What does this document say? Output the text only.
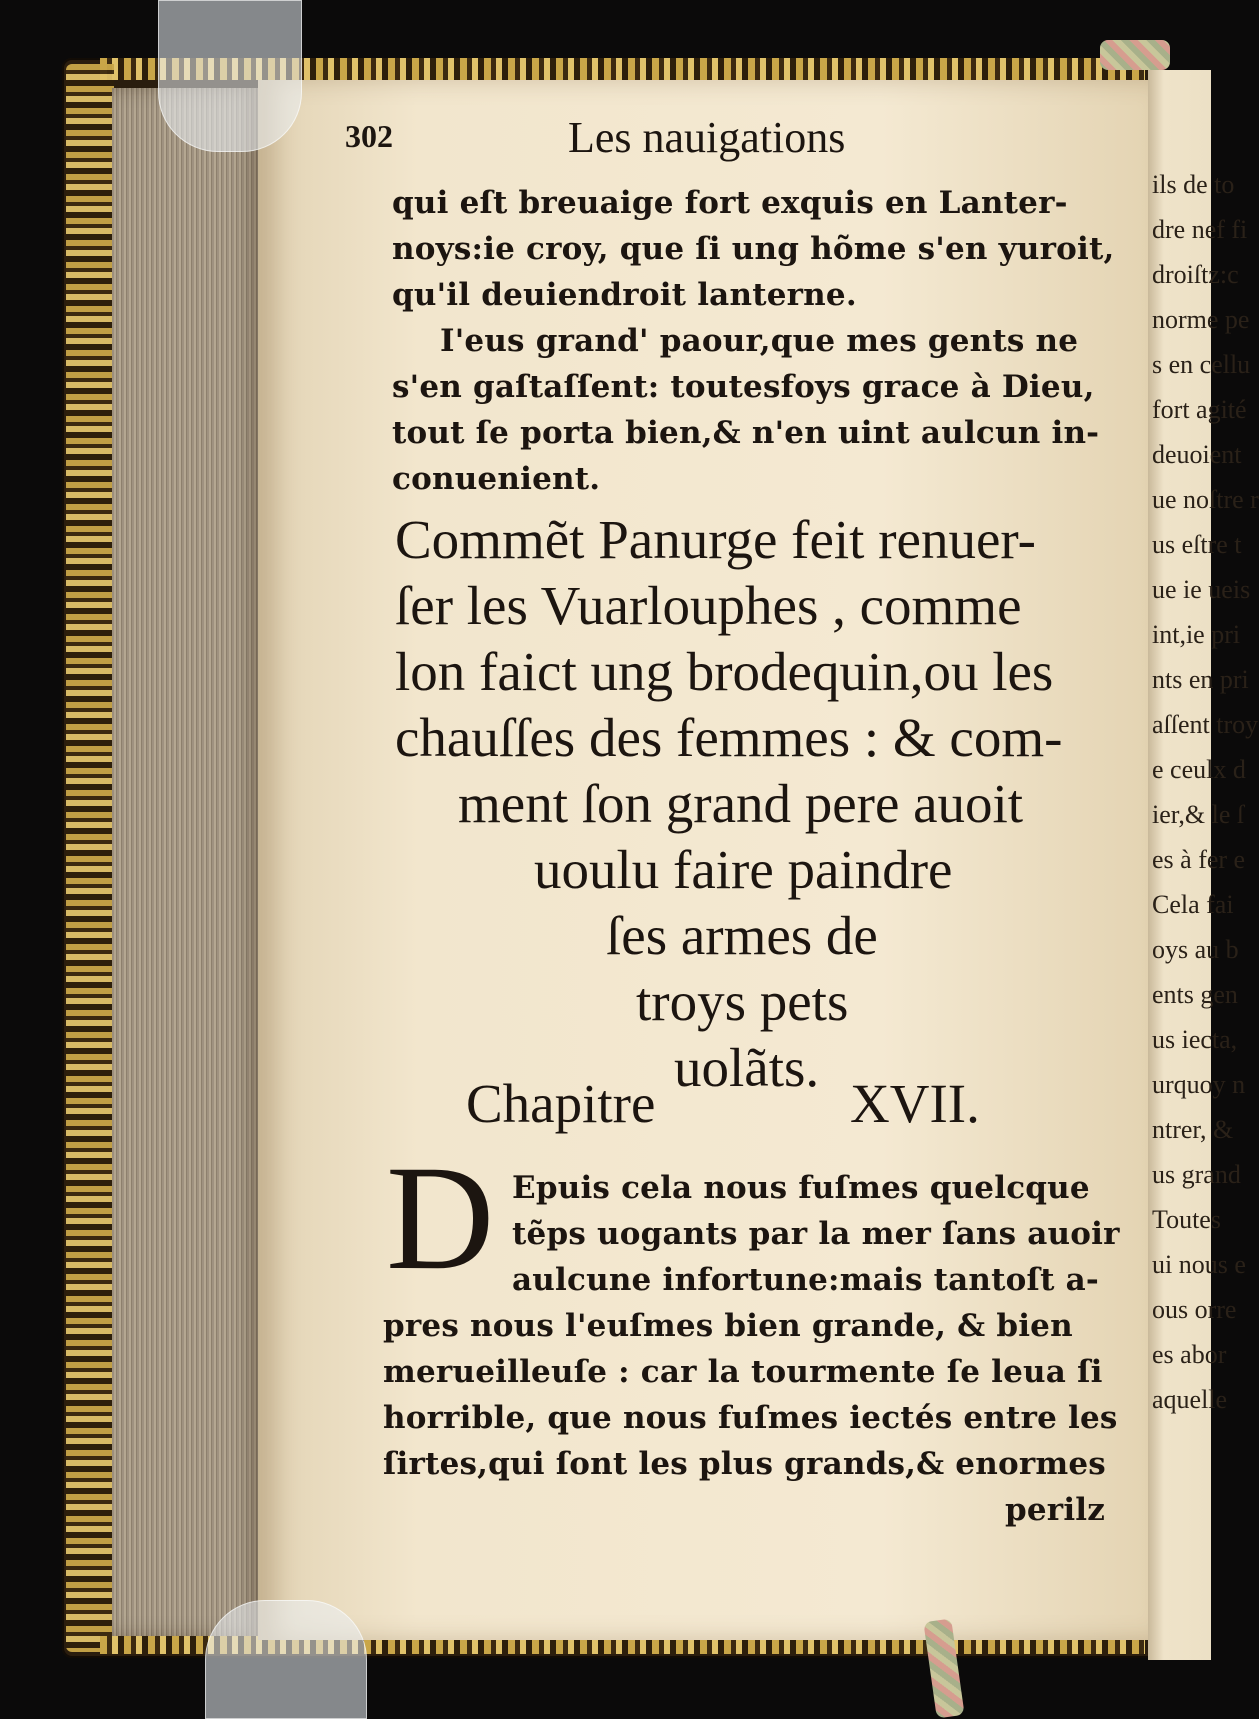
ils de to
dre nef fi
droiſtz:c
norme pe
s en cellu
fort agité
deuoient
ue noſtre r
us eſtre t
ue ie ueis
int,ie pri
nts en pri
aſſent troy
e ceulx d
ier,& le ſ
es à fer e
Cela fai
oys au b
ents gen
us iecta,
urquoy n
ntrer, &
us grand
Toutes
ui nous e
ous orre
es abor
aquelle
302	Les nauigations
qui eſt breuaige fort exquis en Lanter-
noys:ie croy, que ſi ung hõme s'en yuroit,
qu'il deuiendroit lanterne.
I'eus grand' paour,que mes gents ne
s'en gaſtaſſent: toutesfoys grace à Dieu,
tout ſe porta bien,& n'en uint aulcun in-
conuenient.
Commẽt Panurge feit renuer-
ſer les Vuarlouphes , comme
lon faict ung brodequin,ou les
chauſſes des femmes : & com-
ment ſon grand pere auoit
uoulu faire paindre
ſes armes de
troys pets
uolãts.
Chapitre	XVII.
D Epuis cela nous fuſmes quelcque
tẽps uogants par la mer ſans auoir
aulcune infortune:mais tantoſt a-
pres nous l'euſmes bien grande, & bien
merueilleuſe : car la tourmente ſe leua ſi
horrible, que nous fuſmes iectés entre les
ſirtes,qui ſont les plus grands,& enormes
perilz
